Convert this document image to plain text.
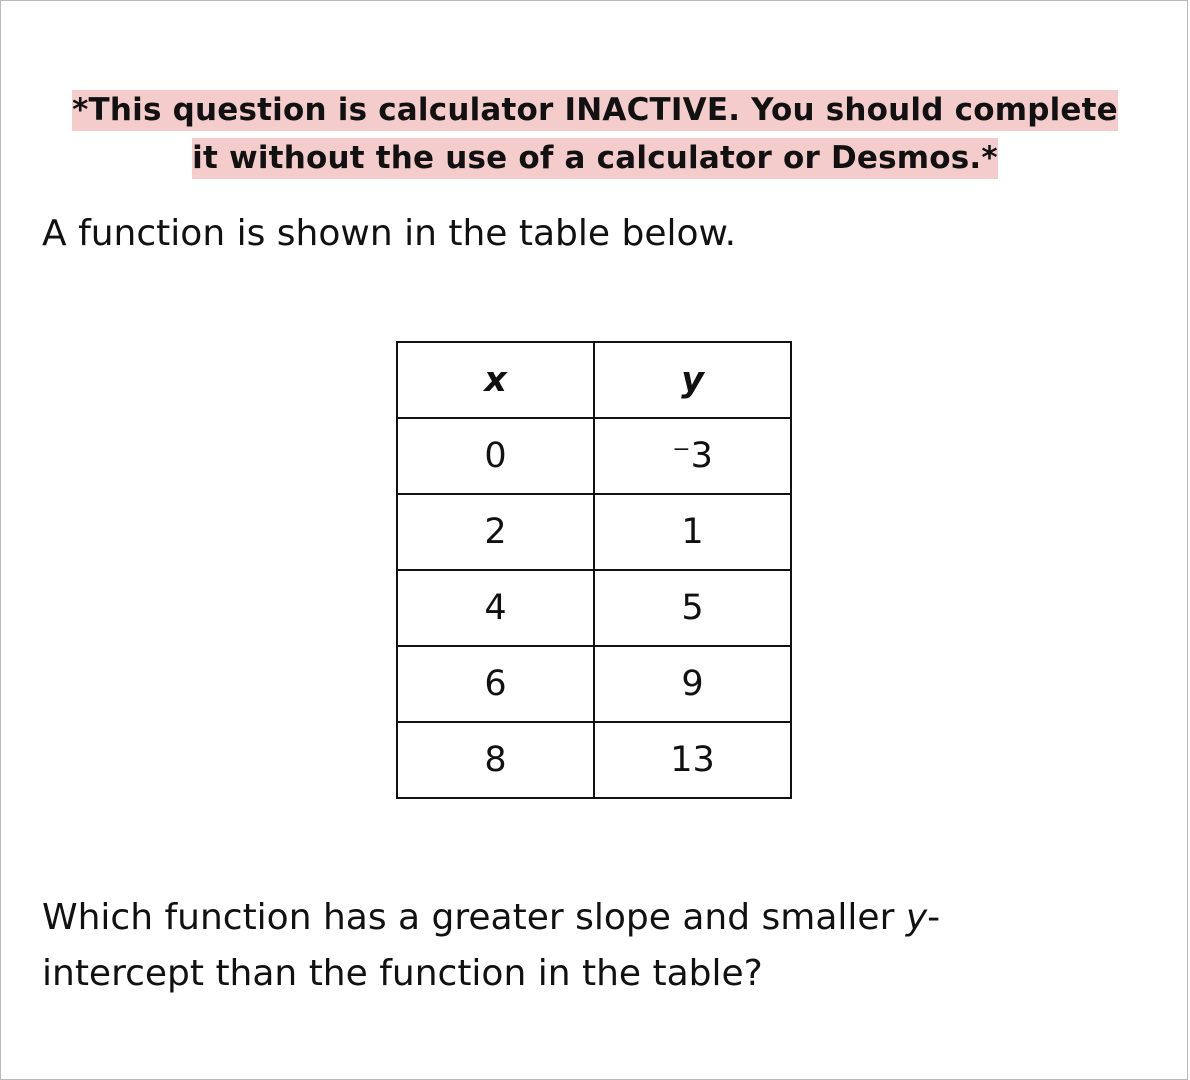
*This question is calculator INACTIVE. You should complete
it without the use of a calculator or Desmos.*
A function is shown in the table below.
x	y
0	⁻3
2	1
4	5
6	9
8	13
Which function has a greater slope and smaller y-
intercept than the function in the table?
